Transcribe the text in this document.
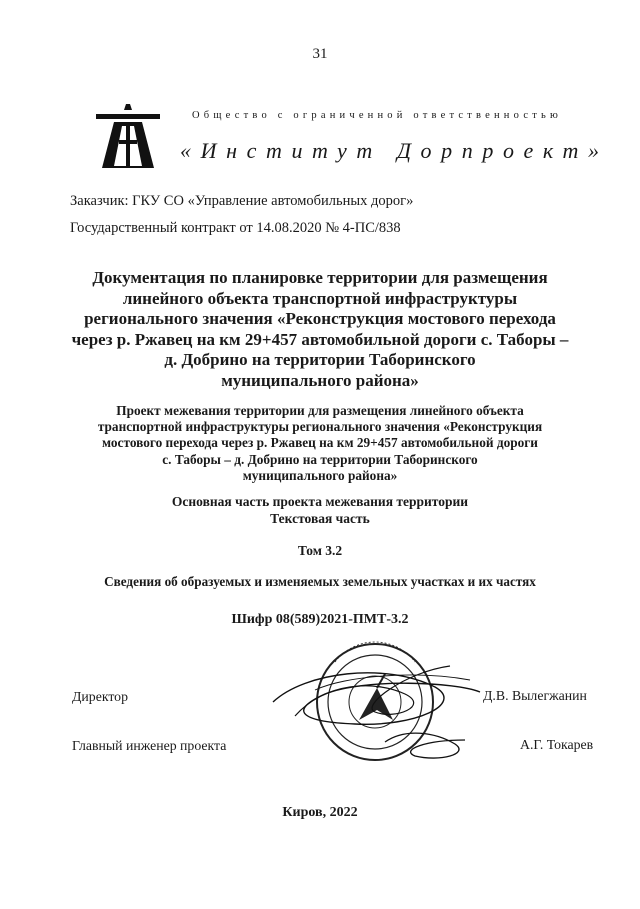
31
Общество с ограниченной ответственностью
«Институт Дорпроект»
Заказчик: ГКУ СО «Управление автомобильных дорог»
Государственный контракт от 14.08.2020 № 4-ПС/838
Документация по планировке территории для размещения
линейного объекта транспортной инфраструктуры
регионального значения «Реконструкция мостового перехода
через р. Ржавец на км 29+457 автомобильной дороги с. Таборы –
д. Добрино на территории Таборинского
муниципального района»
Проект межевания территории для размещения линейного объекта
транспортной инфраструктуры регионального значения «Реконструкция
мостового перехода через р. Ржавец на км 29+457 автомобильной дороги
с. Таборы – д. Добрино на территории Таборинского
муниципального района»
Основная часть проекта межевания территории
Текстовая часть
Том 3.2
Сведения об образуемых и изменяемых земельных участках и их частях
Шифр 08(589)2021-ПМТ-3.2
Директор	Д.В. Вылегжанин
Главный инженер проекта	А.Г. Токарев
Киров, 2022
